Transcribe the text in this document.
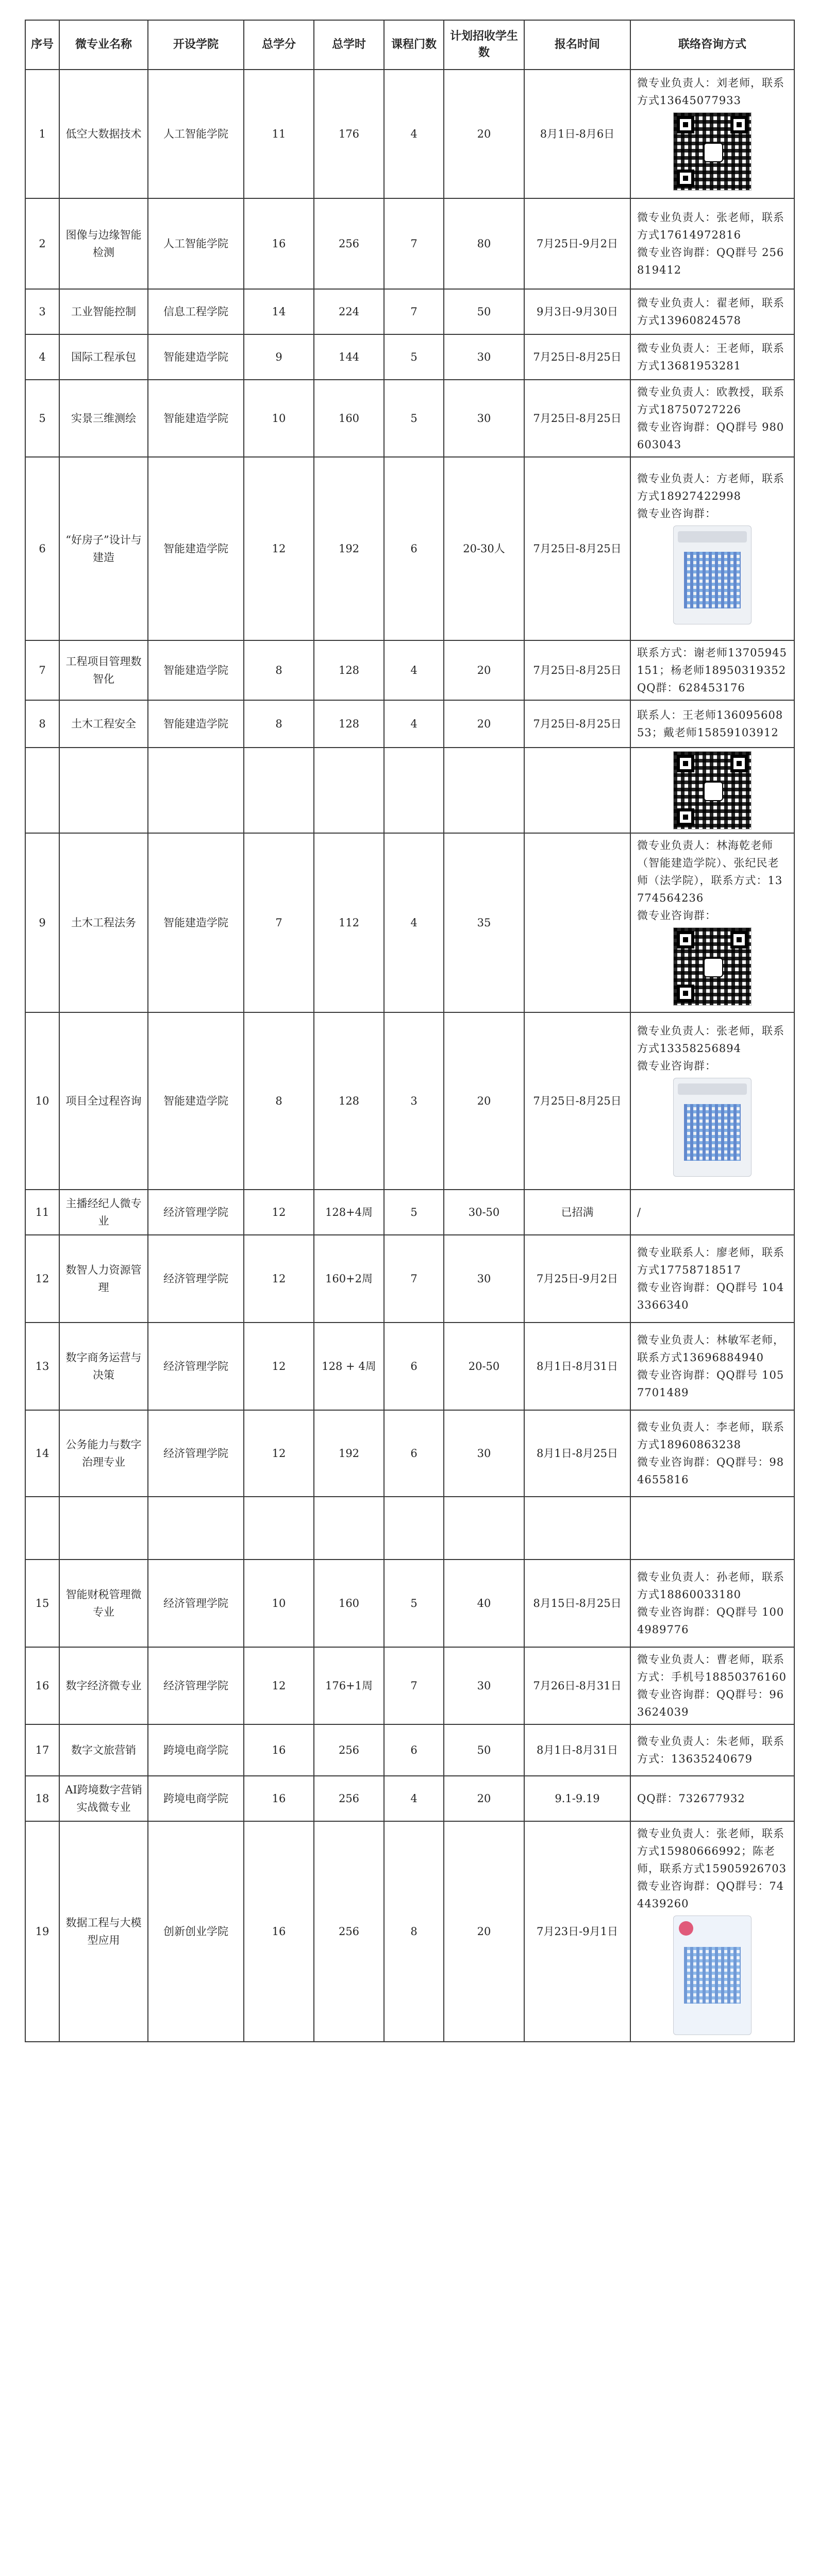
序号	微专业名称	开设学院	总学分	总学时	课程门数	计划招收学生数	报名时间	联络咨询方式
1	低空大数据技术	人工智能学院	11	176	4	20	8月1日-8月6日	微专业负责人：刘老师，联系方式13645077933

2	图像与边缘智能检测	人工智能学院	16	256	7	80	7月25日-9月2日	微专业负责人：张老师，联系方式17614972816
微专业咨询群：QQ群号 256819412

3	工业智能控制	信息工程学院	14	224	7	50	9月3日-9月30日	微专业负责人：翟老师，联系方式13960824578

4	国际工程承包	智能建造学院	9	144	5	30	7月25日-8月25日	微专业负责人：王老师，联系方式13681953281

5	实景三维测绘	智能建造学院	10	160	5	30	7月25日-8月25日	微专业负责人：欧教授，联系方式18750727226
微专业咨询群：QQ群号 980603043

6	“好房子”设计与建造	智能建造学院	12	192	6	20-30人	7月25日-8月25日	微专业负责人：方老师，联系方式18927422998
微专业咨询群：

7	工程项目管理数智化	智能建造学院	8	128	4	20	7月25日-8月25日	联系方式：谢老师13705945151；杨老师18950319352
QQ群：628453176

8	土木工程安全	智能建造学院	8	128	4	20	7月25日-8月25日	联系人：王老师13609560853；戴老师15859103912

9	土木工程法务	智能建造学院	7	112	4	35		微专业负责人：林海乾老师（智能建造学院）、张纪民老师（法学院），联系方式：13774564236
微专业咨询群：

10	项目全过程咨询	智能建造学院	8	128	3	20	7月25日-8月25日	微专业负责人：张老师，联系方式13358256894
微专业咨询群：

11	主播经纪人微专业	经济管理学院	12	128+4周	5	30-50	已招满	/

12	数智人力资源管理	经济管理学院	12	160+2周	7	30	7月25日-9月2日	微专业联系人：廖老师，联系方式17758718517
微专业咨询群：QQ群号 1043366340

13	数字商务运营与决策	经济管理学院	12	128 + 4周	6	20-50	8月1日-8月31日	微专业负责人：林敏军老师，联系方式13696884940
微专业咨询群：QQ群号 1057701489

14	公务能力与数字治理专业	经济管理学院	12	192	6	30	8月1日-8月25日	微专业负责人：李老师，联系方式18960863238
微专业咨询群：QQ群号：984655816

15	智能财税管理微专业	经济管理学院	10	160	5	40	8月15日-8月25日	微专业负责人：孙老师，联系方式18860033180
微专业咨询群：QQ群号 1004989776

16	数字经济微专业	经济管理学院	12	176+1周	7	30	7月26日-8月31日	微专业负责人：曹老师，联系方式：手机号18850376160
微专业咨询群：QQ群号：963624039

17	数字文旅营销	跨境电商学院	16	256	6	50	8月1日-8月31日	微专业负责人：朱老师，联系方式：13635240679

18	AI跨境数字营销实战微专业	跨境电商学院	16	256	4	20	9.1-9.19	QQ群：732677932

19	数据工程与大模型应用	创新创业学院	16	256	8	20	7月23日-9月1日	微专业负责人：张老师，联系方式15980666992；陈老师，联系方式15905926703
微专业咨询群：QQ群号：744439260
